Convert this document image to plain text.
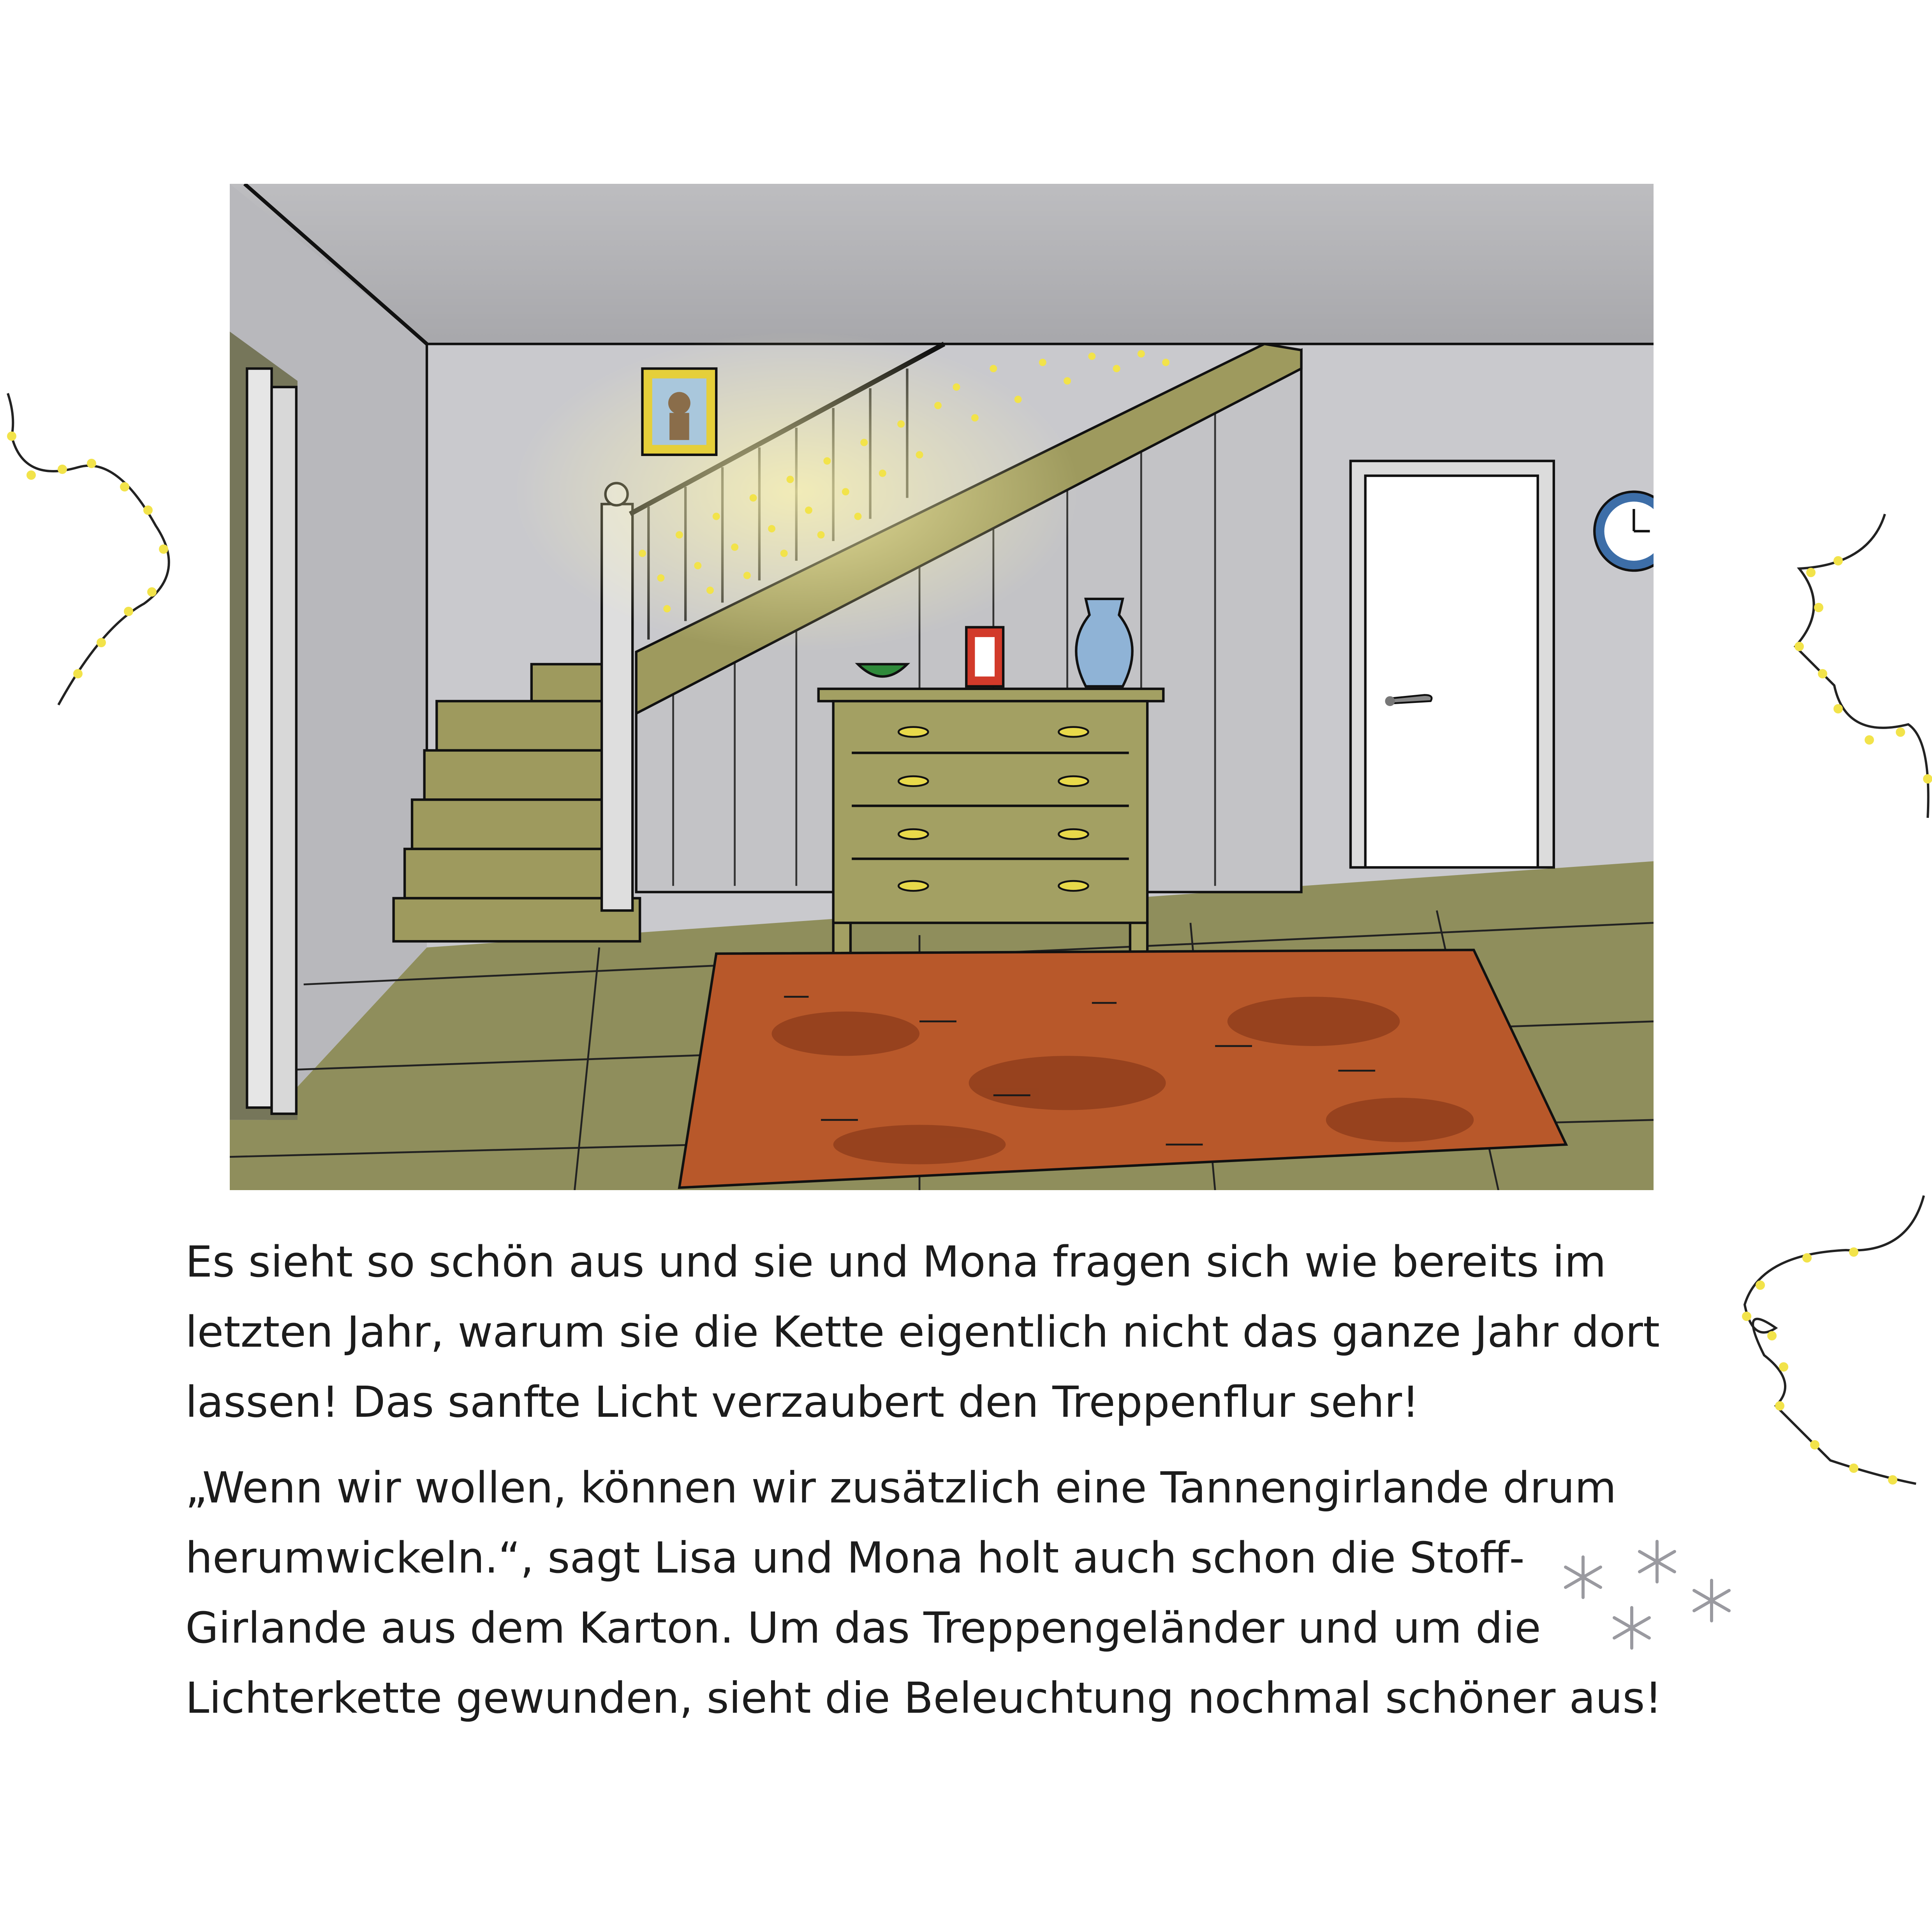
Es sieht so schön aus und sie und Mona fragen sich wie bereits im
letzten Jahr, warum sie die Kette eigentlich nicht das ganze Jahr dort
lassen! Das sanfte Licht verzaubert den Treppenflur sehr!

„Wenn wir wollen, können wir zusätzlich eine Tannengirlande drum
herumwickeln.“, sagt Lisa und Mona holt auch schon die Stoff-
Girlande aus dem Karton. Um das Treppengeländer und um die
Lichterkette gewunden, sieht die Beleuchtung nochmal schöner aus!
